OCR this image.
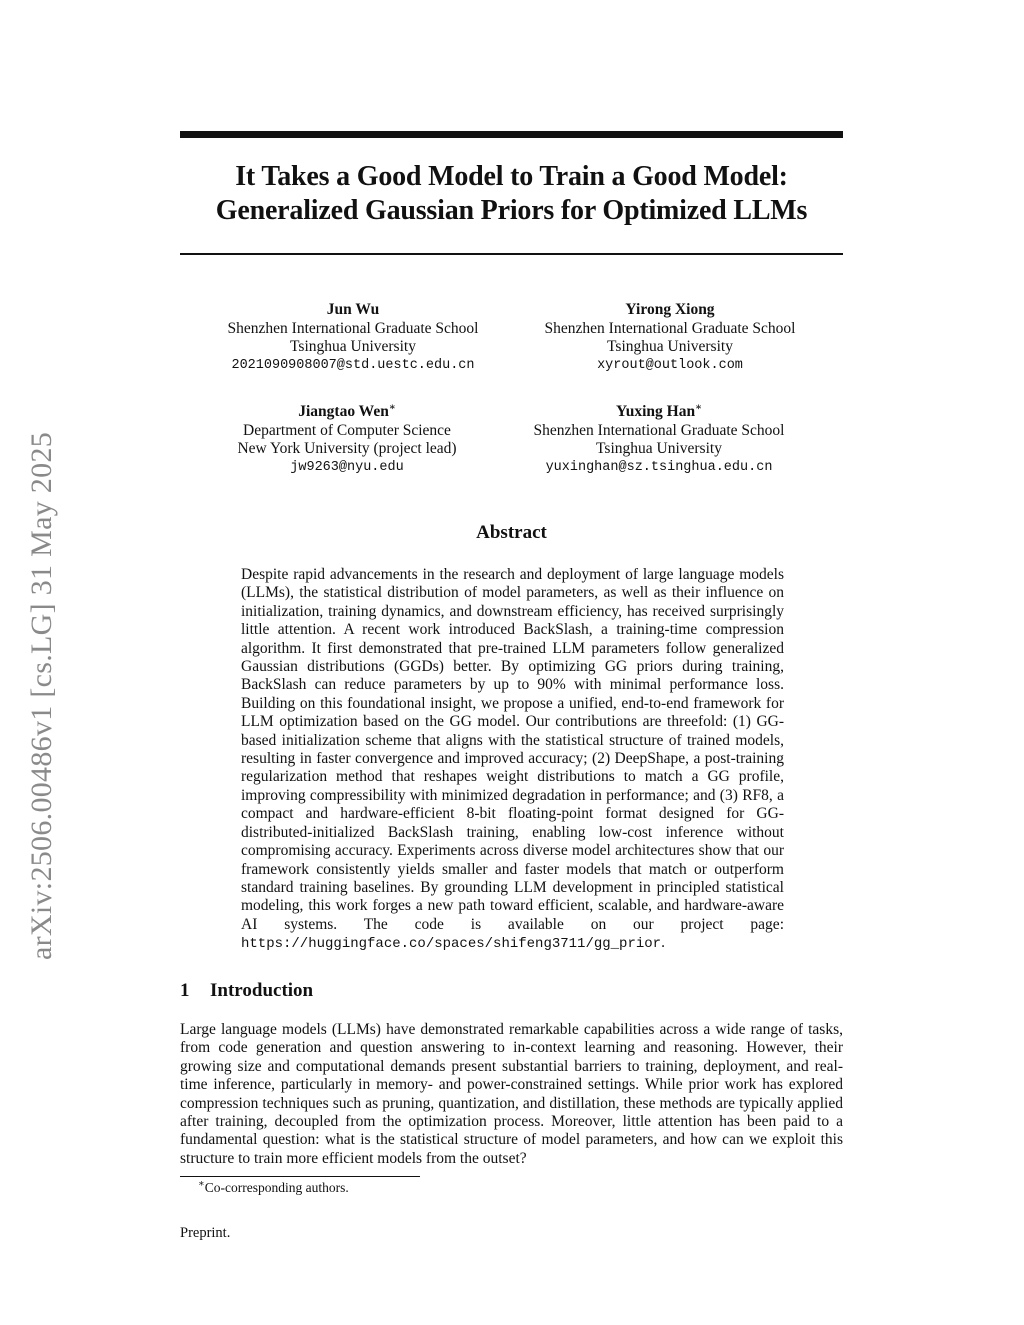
arXiv:2506.00486v1 [cs.LG] 31 May 2025
It Takes a Good Model to Train a Good Model:
Generalized Gaussian Priors for Optimized LLMs
Jun Wu
Shenzhen International Graduate School
Tsinghua University
2021090908007@std.uestc.edu.cn
Yirong Xiong
Shenzhen International Graduate School
Tsinghua University
xyrout@outlook.com
Jiangtao Wen∗
Department of Computer Science
New York University (project lead)
jw9263@nyu.edu
Yuxing Han∗
Shenzhen International Graduate School
Tsinghua University
yuxinghan@sz.tsinghua.edu.cn
Abstract
Despite rapid advancements in the research and deployment of large language models (LLMs), the statistical distribution of model parameters, as well as their influence on initialization, training dynamics, and downstream efficiency, has received surprisingly little attention. A recent work introduced BackSlash, a training-time compression algorithm. It first demonstrated that pre-trained LLM parameters follow generalized Gaussian distributions (GGDs) better. By optimizing GG priors during training, BackSlash can reduce parameters by up to 90% with minimal performance loss. Building on this foundational insight, we propose a unified, end-to-end framework for LLM optimization based on the GG model. Our contributions are threefold: (1) GG-based initialization scheme that aligns with the statistical structure of trained models, resulting in faster convergence and improved accuracy; (2) DeepShape, a post-training regularization method that reshapes weight distributions to match a GG profile, improving compressibility with minimized degradation in performance; and (3) RF8, a compact and hardware-efficient 8-bit floating-point format designed for GG-distributed-initialized BackSlash training, enabling low-cost inference without compromising accuracy. Experiments across diverse model architectures show that our framework consistently yields smaller and faster models that match or outperform standard training baselines. By grounding LLM development in principled statistical modeling, this work forges a new path toward efficient, scalable, and hardware-aware AI systems. The code is available on our project page: https://huggingface.co/spaces/shifeng3711/gg_prior.
1 Introduction
Large language models (LLMs) have demonstrated remarkable capabilities across a wide range of tasks, from code generation and question answering to in-context learning and reasoning. However, their growing size and computational demands present substantial barriers to training, deployment, and real-time inference, particularly in memory- and power-constrained settings. While prior work has explored compression techniques such as pruning, quantization, and distillation, these methods are typically applied after training, decoupled from the optimization process. Moreover, little attention has been paid to a fundamental question: what is the statistical structure of model parameters, and how can we exploit this structure to train more efficient models from the outset?
∗Co-corresponding authors.
Preprint.
